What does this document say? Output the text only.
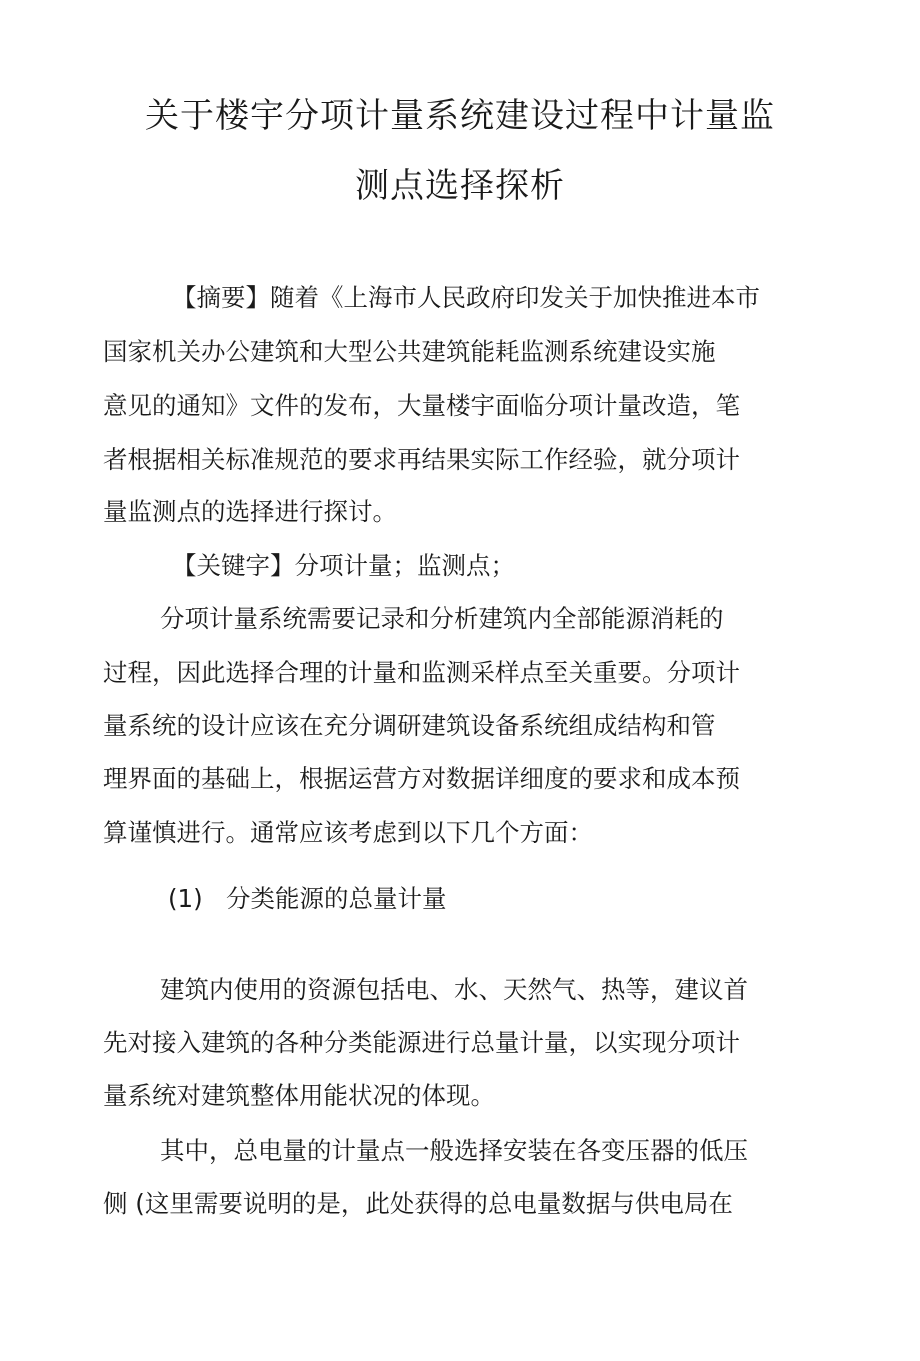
关于楼宇分项计量系统建设过程中计量监
测点选择探析

【摘要】随着《上海市人民政府印发关于加快推进本市

国家机关办公建筑和大型公共建筑能耗监测系统建设实施

意见的通知》文件的发布，大量楼宇面临分项计量改造，笔

者根据相关标准规范的要求再结果实际工作经验，就分项计

量监测点的选择进行探讨。

【关键字】分项计量；监测点；

分项计量系统需要记录和分析建筑内全部能源消耗的

过程，因此选择合理的计量和监测采样点至关重要。分项计

量系统的设计应该在充分调研建筑设备系统组成结构和管

理界面的基础上，根据运营方对数据详细度的要求和成本预

算谨慎进行。通常应该考虑到以下几个方面：

(1) 分类能源的总量计量

建筑内使用的资源包括电、水、天然气、热等，建议首

先对接入建筑的各种分类能源进行总量计量，以实现分项计

量系统对建筑整体用能状况的体现。

其中，总电量的计量点一般选择安装在各变压器的低压

侧 (这里需要说明的是，此处获得的总电量数据与供电局在
